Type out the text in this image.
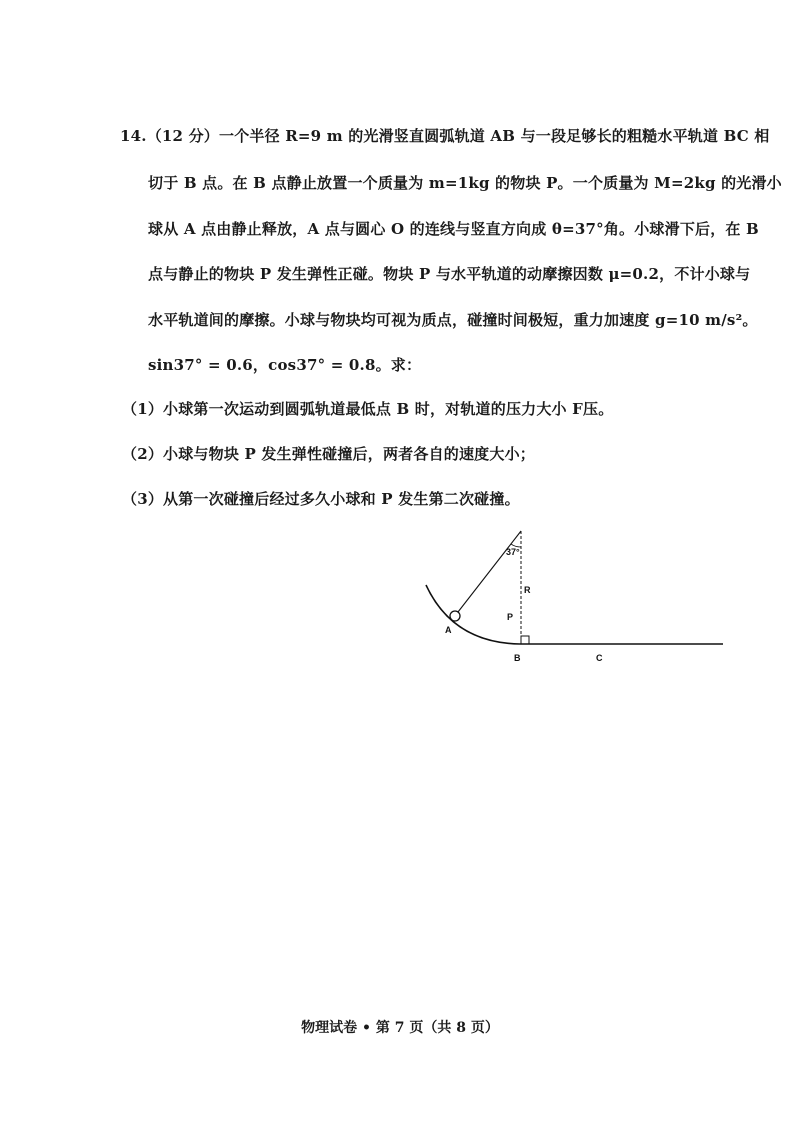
14.（12 分）一个半径 R=9 m 的光滑竖直圆弧轨道 AB 与一段足够长的粗糙水平轨道 BC 相
切于 B 点。在 B 点静止放置一个质量为 m=1kg 的物块 P。一个质量为 M=2kg 的光滑小
球从 A 点由静止释放，A 点与圆心 O 的连线与竖直方向成 θ=37°角。小球滑下后，在 B
点与静止的物块 P 发生弹性正碰。物块 P 与水平轨道的动摩擦因数 μ=0.2，不计小球与
水平轨道间的摩擦。小球与物块均可视为质点，碰撞时间极短，重力加速度 g=10 m/s²。
sin37° = 0.6，cos37° = 0.8。求：
（1）小球第一次运动到圆弧轨道最低点 B 时，对轨道的压力大小 F压。
（2）小球与物块 P 发生弹性碰撞后，两者各自的速度大小；
（3）从第一次碰撞后经过多久小球和 P 发生第二次碰撞。
37°
R
P
A
B	C
物理试卷 • 第 7 页（共 8 页）
